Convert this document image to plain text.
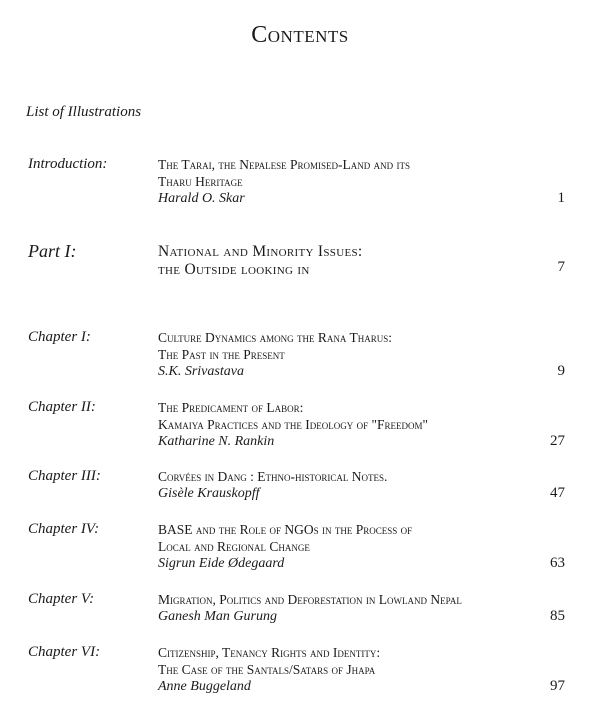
Contents
List of Illustrations
Introduction:	The Tarai, the Nepalese Promised-Land and its
Tharu Heritage
Harald O. Skar	1
Part I:	National and Minority Issues:
the Outside looking in	7
Chapter I:	Culture Dynamics among the Rana Tharus:
The Past in the Present
S.K. Srivastava	9
Chapter II:	The Predicament of Labor:
Kamaiya Practices and the Ideology of "Freedom"
Katharine N. Rankin	27
Chapter III:	Corvées in Dang : Ethno-historical Notes.
Gisèle Krauskopff	47
Chapter IV:	BASE and the Role of NGOs in the Process of
Local and Regional Change
Sigrun Eide Ødegaard	63
Chapter V:	Migration, Politics and Deforestation in Lowland Nepal
Ganesh Man Gurung	85
Chapter VI:	Citizenship, Tenancy Rights and Identity:
The Case of the Santals/Satars of Jhapa
Anne Buggeland	97
